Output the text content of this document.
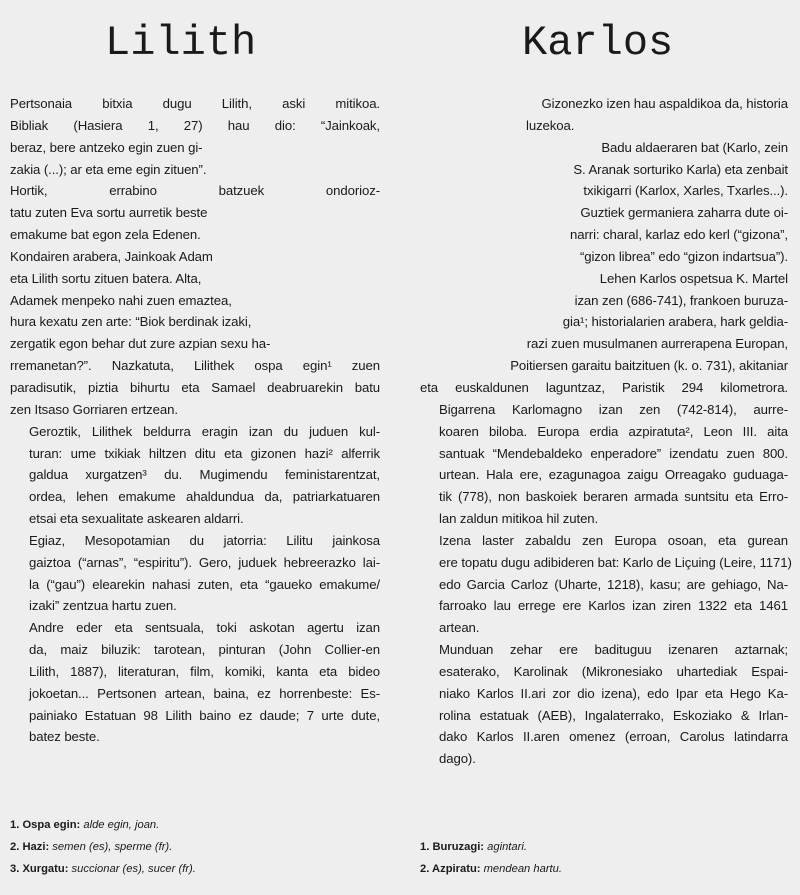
Lilith

Pertsonaia bitxia dugu Lilith, aski mitikoa.
Bibliak (Hasiera 1, 27) hau dio: “Jainkoak,
beraz, bere antzeko egin zuen gi-
zakia (...); ar eta eme egin zituen”.
Hortik, errabino batzuek ondorioz-
tatu zuten Eva sortu aurretik beste
emakume bat egon zela Edenen.
Kondairen arabera, Jainkoak Adam
eta Lilith sortu zituen batera. Alta,
Adamek menpeko nahi zuen emaztea,
hura kexatu zen arte: “Biok berdinak izaki,
zergatik egon behar dut zure azpian sexu ha-
rremanetan?”. Nazkatuta, Lilithek ospa egin¹ zuen
paradisutik, piztia bihurtu eta Samael deabruarekin batu
zen Itsaso Gorriaren ertzean.

Geroztik, Lilithek beldurra eragin izan du juduen kul-
turan: ume txikiak hiltzen ditu eta gizonen hazi² alferrik
galdua xurgatzen³ du. Mugimendu feministarentzat,
ordea, lehen emakume ahaldundua da, patriarkatuaren
etsai eta sexualitate askearen aldarri.

Egiaz, Mesopotamian du jatorria: Lilitu jainkosa
gaiztoa (“arnas”, “espiritu”). Gero, juduek hebreerazko lai-
la (“gau”) elearekin nahasi zuten, eta “gaueko emakume/
izaki” zentzua hartu zuen.

Andre eder eta sentsuala, toki askotan agertu izan
da, maiz biluzik: tarotean, pinturan (John Collier-en
Lilith, 1887), literaturan, film, komiki, kanta eta bideo
jokoetan... Pertsonen artean, baina, ez horrenbeste: Es-
painiako Estatuan 98 Lilith baino ez daude; 7 urte dute,
batez beste.

1. Ospa egin: alde egin, joan.
2. Hazi: semen (es), sperme (fr).
3. Xurgatu: succionar (es), sucer (fr).
Karlos

Gizonezko izen hau aspaldikoa da, historia
luzekoa.

Badu aldaeraren bat (Karlo, zein
S. Aranak sorturiko Karla) eta zenbait
txikigarri (Karlox, Xarles, Txarles...).
Guztiek germaniera zaharra dute oi-
narri: charal, karlaz edo kerl (“gizona”,
“gizon librea” edo “gizon indartsua”).

Lehen Karlos ospetsua K. Martel
izan zen (686-741), frankoen buruza-
gia¹; historialarien arabera, hark geldia-
razi zuen musulmanen aurrerapena Europan,
Poitiersen garaitu baitzituen (k. o. 731), akitaniar
eta euskaldunen laguntzaz, Paristik 294 kilometrora.

Bigarrena Karlomagno izan zen (742-814), aurre-
koaren biloba. Europa erdia azpiratuta², Leon III. aita
santuak “Mendebaldeko enperadore” izendatu zuen 800.
urtean. Hala ere, ezagunagoa zaigu Orreagako guduaga-
tik (778), non baskoiek beraren armada suntsitu eta Erro-
lan zaldun mitikoa hil zuten.

Izena laster zabaldu zen Europa osoan, eta gurean
ere topatu dugu adibideren bat: Karlo de Liçuing (Leire, 1171)
edo Garcia Carloz (Uharte, 1218), kasu; are gehiago, Na-
farroako lau errege ere Karlos izan ziren 1322 eta 1461
artean.

Munduan zehar ere badituguu izenaren aztarnak;
esaterako, Karolinak (Mikronesiako uhartediak Espai-
niako Karlos II.ari zor dio izena), edo Ipar eta Hego Ka-
rolina estatuak (AEB), Ingalaterrako, Eskoziako & Irlan-
dako Karlos II.aren omenez (erroan, Carolus latindarra
dago).

1. Buruzagi: agintari.
2. Azpiratu: mendean hartu.
